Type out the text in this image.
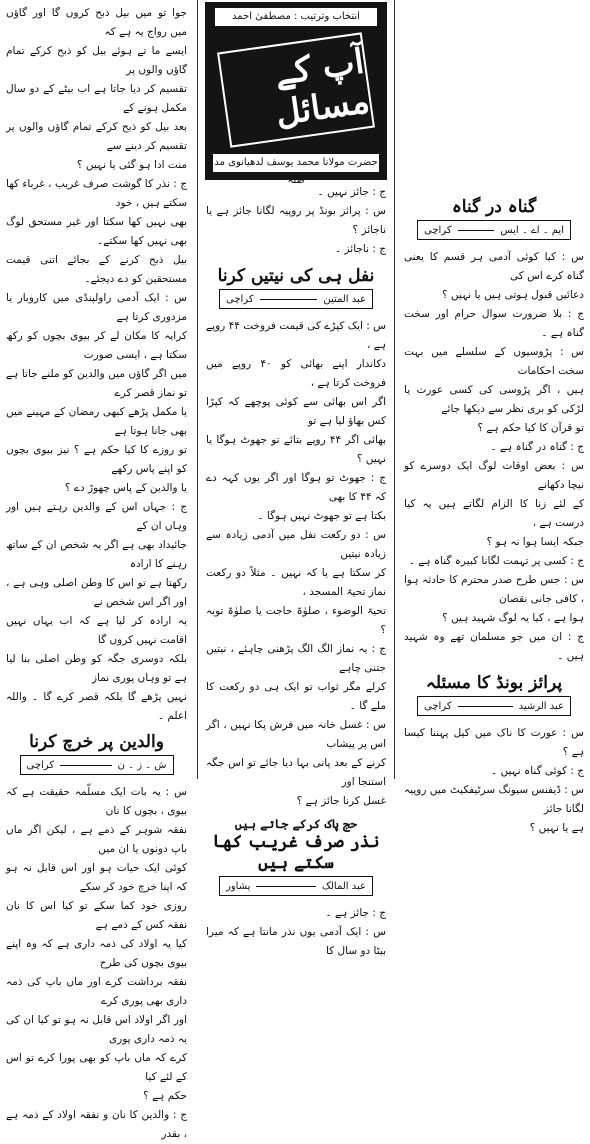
گناہ در گناہ
ایم ۔ اے ۔ ایس
کراچی

س : کیا کوئی آدمی ہر قسم کا یعنی گناہ کرے اس کی

دعائیں قبول ہوتی ہیں یا نہیں ؟

ج : بلا ضرورت سوال حرام اور سخت گناہ ہے ۔

س : پڑوسیوں کے سلسلے میں بہت سخت احکامات

ہیں ، اگر پڑوسی کی کسی عورت یا لڑکی کو بری نظر سے دیکھا جائے

تو قرآن کا کیا حکم ہے ؟

ج : گناہ در گناہ ہے ۔

س : بعض اوقات لوگ ایک دوسرے کو نیچا دکھانے

کے لئے زنا کا الزام لگاتے ہیں یہ کیا درست ہے ،

جبکہ ایسا ہوا نہ ہو ؟

ج : کسی پر تہمت لگانا کبیرہ گناہ ہے ۔

س : جس طرح صدر محترم کا حادثہ ہوا ، کافی جانی نقصان

ہوا ہے ، کیا یہ لوگ شہید ہیں ؟

ج : ان میں جو مسلمان تھے وہ شہید ہیں ۔

پرائز بونڈ کا مسئلہ
عبد الرشید
کراچی

س : عورت کا ناک میں کیل پہننا کیسا ہے ؟

ج : کوئی گناہ نہیں ۔

س : ڈیفنس سیونگ سرٹیفکیٹ میں روپیہ لگانا جائز

ہے یا نہیں ؟

انتخاب وترتیب : مصطفیٰ احمد الحسینی
آپ کے مسائل
حضرت مولانا محمد یوسف لدھیانوی مد ظلہ

ج : جائز نہیں ۔

س : پرائز بونڈ پر روپیہ لگانا جائز ہے یا ناجائز ؟

ج : ناجائز ۔

نفل ہی کی نیتیں کرنا
عبد المتین
کراچی

س : ایک کپڑے کی قیمت فروخت ۴۴ روپے ہے ،

دکاندار اپنے بھائی کو ۴۰ روپے میں فروخت کرتا ہے ،

اگر اس بھائی سے کوئی پوچھے کہ کپڑا کس بھاؤ لیا ہے تو

بھائی اگر ۴۴ روپے بتائے تو جھوٹ ہوگا یا نہیں ؟

ج : جھوٹ تو ہوگا اور اگر یوں کہہ دے کہ ۴۴ کا بھی

بکتا ہے تو جھوٹ نہیں ہوگا ۔

س : دو رکعت نفل میں آدمی زیادہ سے زیادہ نیتیں

کر سکتا ہے یا کہ نہیں ۔ مثلاً دو رکعت نماز تحیۃ المسجد ،

تحیۃ الوضوء ، صلوٰۃ حاجت یا صلوٰۃ توبہ ؟

ج : یہ نماز الگ الگ پڑھنی چاہئے ، نیتیں جتنی چاہے

کرلے مگر ثواب تو ایک ہی دو رکعت کا ملے گا ۔

س : غسل خانہ میں فرش پکا نہیں ، اگر اس پر پیشاب

کرنے کے بعد پانی بہا دیا جائے تو اس جگہ استنجا اور

غسل کرنا جائز ہے ؟

حج پاک کرکے جاتے ہیں
نذر صرف غریب کھا سکتے ہیں
عبد المالک
پشاور

ج : جائز ہے ۔

س : ایک آدمی یوں نذر مانتا ہے کہ میرا بیٹا دو سال کا

جوا تو میں بیل ذبح کروں گا اور گاؤں میں رواج یہ ہے کہ

ایسے ما تے ہوئے بیل کو ذبح کرکے تمام گاؤں والوں پر

تقسیم کر دیا جاتا ہے اب بیٹے کے دو سال مکمل ہونے کے

بعد بیل کو ذبح کرکے تمام گاؤں والوں پر تقسیم کر دینے سے

منت ادا ہو گئی یا نہیں ؟

ج : نذر کا گوشت صرف غریب ، غرباء کھا سکتے ہیں ، خود

بھی نہیں کھا سکتا اور غیر مستحق لوگ بھی نہیں کھا سکتے۔

بیل ذبح کرنے کے بجائے اتنی قیمت مستحقین کو دے دیجئے۔

س : ایک آدمی راولپنڈی میں کاروبار یا مزدوری کرتا ہے

کرایہ کا مکان لے کر بیوی بچوں کو رکھ سکتا ہے ، ایسی صورت

میں اگر گاؤں میں والدین کو ملنے جاتا ہے تو نماز قصر کرے

یا مکمل پڑھے کبھی رمضان کے مہینے میں بھی جانا ہوتا ہے

تو روزے کا کیا حکم ہے ؟ نیز بیوی بچوں کو اپنے پاس رکھے

یا والدین کے پاس چھوڑ دے ؟

ج : جہاں اس کے والدین رہتے ہیں اور وہاں ان کے

جائیداد بھی ہے اگر یہ شخص ان کے ساتھ رہنے کا ارادہ

رکھتا ہے تو اس کا وطن اصلی وہی ہے ، اور اگر اس شخص نے

یہ ارادہ کر لیا ہے کہ اب یہاں نہیں اقامت نہیں کروں گا

بلکہ دوسری جگہ کو وطن اصلی بنا لیا ہے تو وہاں پوری نماز

نہیں پڑھے گا بلکہ قصر کرے گا ۔ واللہ اعلم ۔

والدین پر خرچ کرنا
ش ۔ ز ۔ ن
کراچی

س : یہ بات ایک مسلّمہ حقیقت ہے کہ بیوی ، بچوں کا نان

نفقہ شوہر کے ذمے ہے ، لیکن اگر ماں باپ دونوں یا ان میں

کوئی ایک حیات ہو اور اس قابل نہ ہو کہ اپنا خرچ خود کر سکے

روزی خود کما سکے تو کیا اس کا نان نفقہ کس کے ذمے ہے

کیا یہ اولاد کی ذمہ داری ہے کہ وہ اپنے بیوی بچوں کی طرح

نفقہ برداشت کرے اور ماں باپ کی ذمہ داری بھی پوری کرے

اور اگر اولاد اس قابل نہ ہو تو کیا ان کی یہ ذمہ داری پوری

کرے کہ ماں باپ کو بھی پورا کرے تو اس کے لئے کیا

حکم ہے ؟

ج : والدین کا نان و نفقہ اولاد کے ذمہ ہے ، بقدر
